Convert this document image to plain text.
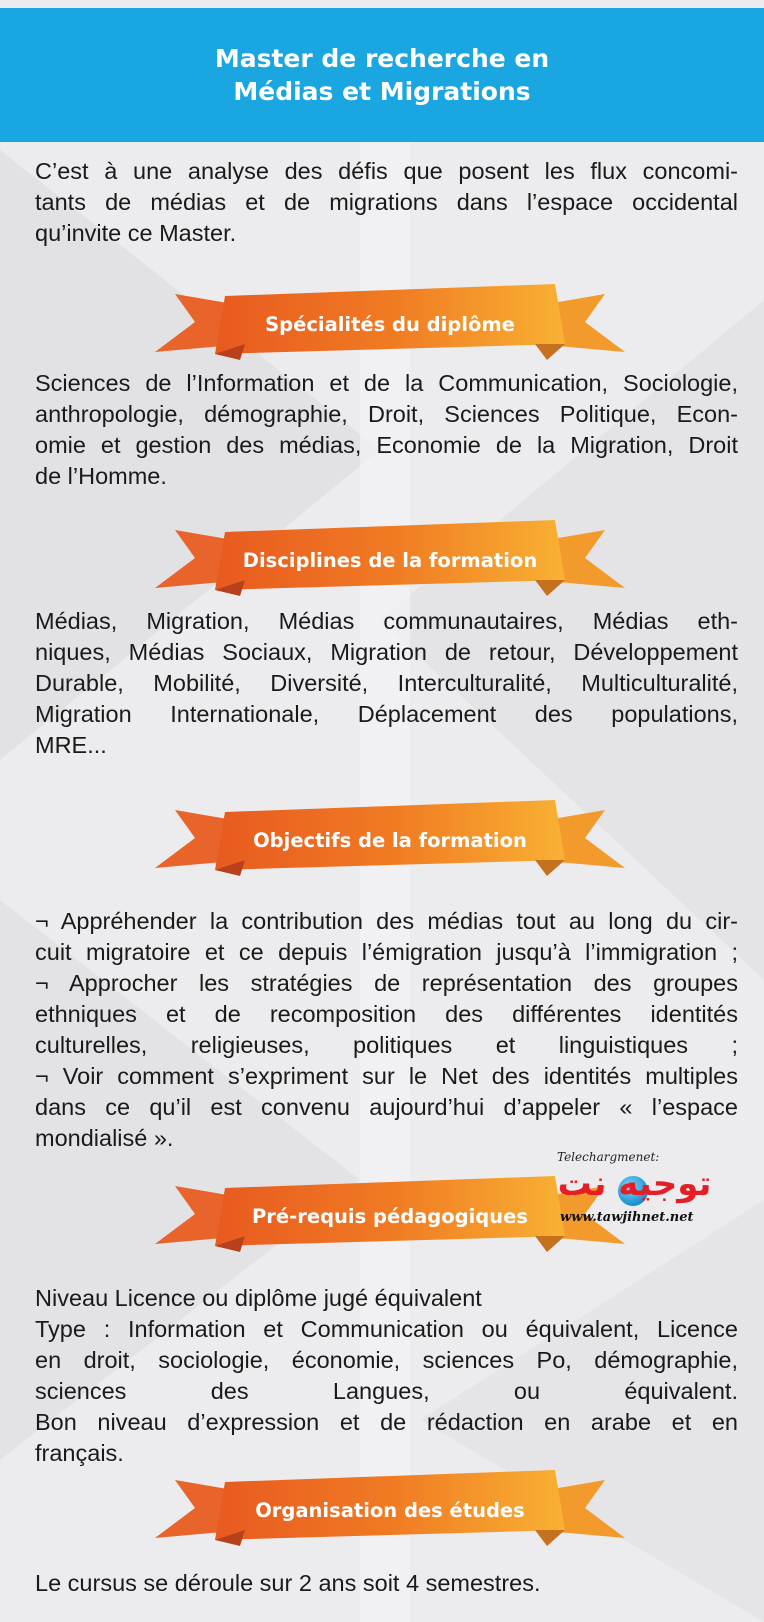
Master de recherche en
Médias et Migrations
C’est à une analyse des défis que posent les flux concomi-
tants de médias et de migrations dans l’espace occidental
qu’invite ce Master.
Spécialités du diplôme
Sciences de l’Information et de la Communication, Sociologie,
anthropologie, démographie, Droit, Sciences Politique, Econ-
omie et gestion des médias, Economie de la Migration, Droit
de l’Homme.
Disciplines de la formation
Médias, Migration, Médias communautaires, Médias eth-
niques, Médias Sociaux, Migration de retour, Développement
Durable, Mobilité, Diversité, Interculturalité, Multiculturalité,
Migration Internationale, Déplacement des populations,
MRE...
Objectifs de la formation
¬ Appréhender la contribution des médias tout au long du cir-
cuit migratoire et ce depuis l’émigration jusqu’à l’immigration ;
¬ Approcher les stratégies de représentation des groupes
ethniques et de recomposition des différentes identités
culturelles, religieuses, politiques et linguistiques ;
¬ Voir comment s’expriment sur le Net des identités multiples
dans ce qu’il est convenu aujourd’hui d’appeler « l’espace
mondialisé ».
Pré-requis pédagogiques
Niveau Licence ou diplôme jugé équivalent
Type : Information et Communication ou équivalent, Licence
en droit, sociologie, économie, sciences Po, démographie,
sciences des Langues, ou équivalent.
Bon niveau d’expression et de rédaction en arabe et en
français.
Organisation des études
Le cursus se déroule sur 2 ans soit 4 semestres.
Telechargmenet:
توجيه نت
www.tawjihnet.net
